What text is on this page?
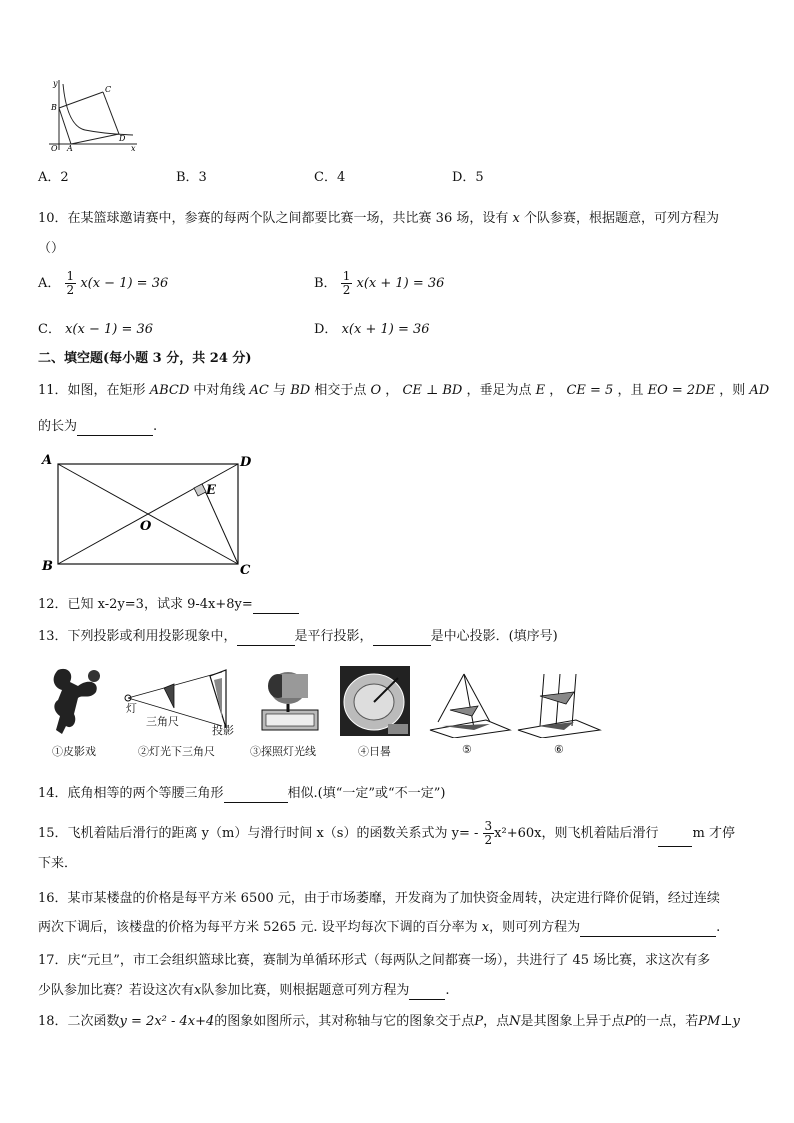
y
B
C
O A
D
x
A．2	B．3	C．4	D．5
10．在某篮球邀请赛中，参赛的每两个队之间都要比赛一场，共比赛 36 场，设有 x 个队参赛，根据题意，可列方程为
（）
A． $\frac{1}{2} x(x - 1) = 36$	B． $\frac{1}{2} x(x + 1) = 36$
C． x(x − 1) = 36	D． x(x + 1) = 36
二、填空题(每小题 3 分，共 24 分)
11．如图，在矩形 ABCD 中对角线 AC 与 BD 相交于点 O ， CE ⊥ BD ，垂足为点 E ， CE = 5 ，且 EO = 2DE ，则 AD
的长为	.
A	D
E
O
B	C
12．已知 x-2y=3，试求 9-4x+8y=
13．下列投影或利用投影现象中，	是平行投影，	是中心投影．(填序号)
灯
三角尺
投影
①皮影戏	②灯光下三角尺	③探照灯光线	④日晷	⑤	⑥
14．底角相等的两个等腰三角形	相似.(填“一定”或“不一定”)
15．飞机着陆后滑行的距离 y（m）与滑行时间 x（s）的函数关系式为 $y= - \frac{3}{2} x^2+60x$，则飞机着陆后滑行	m 才停
下来．
16．某市某楼盘的价格是每平方米 6500 元，由于市场萎靡，开发商为了加快资金周转，决定进行降价促销，经过连续
两次下调后，该楼盘的价格为每平方米 5265 元. 设平均每次下调的百分率为 x，则可列方程为	.
17．庆“元旦”，市工会组织篮球比赛，赛制为单循环形式（每两队之间都赛一场），共进行了 45 场比赛，求这次有多
少队参加比赛？若设这次有x队参加比赛，则根据题意可列方程为	.
18．二次函数y = 2x² - 4x+4的图象如图所示，其对称轴与它的图象交于点P，点N是其图象上异于点P的一点，若PM⊥y
